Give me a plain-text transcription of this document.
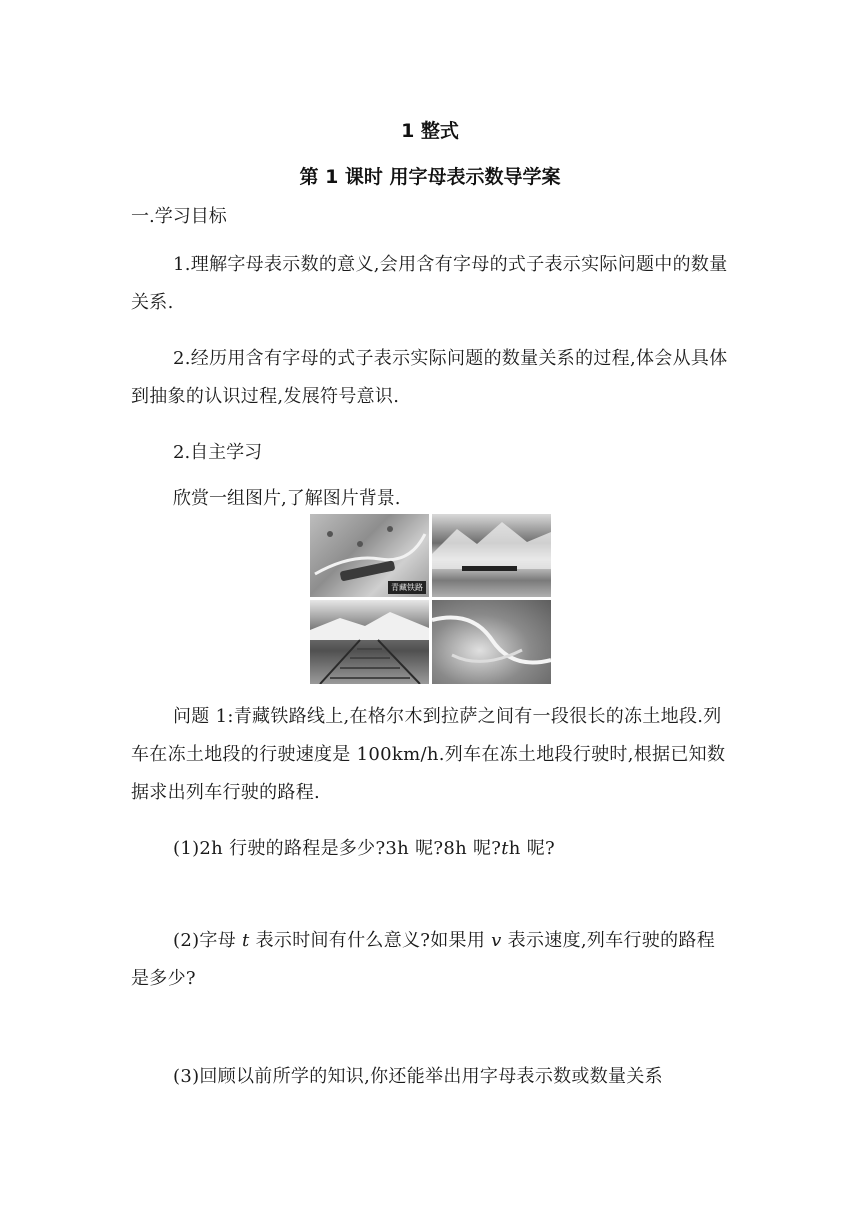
1 整式
第 1 课时 用字母表示数导学案
一.学习目标

1.理解字母表示数的意义,会用含有字母的式子表示实际问题中的数量关系.

2.经历用含有字母的式子表示实际问题的数量关系的过程,体会从具体到抽象的认识过程,发展符号意识.

2.自主学习
欣赏一组图片,了解图片背景.
青藏铁路

问题 1:青藏铁路线上,在格尔木到拉萨之间有一段很长的冻土地段.列车在冻土地段的行驶速度是 100km/h.列车在冻土地段行驶时,根据已知数据求出列车行驶的路程.

(1)2h 行驶的路程是多少?3h 呢?8h 呢?th 呢?

(2)字母 t 表示时间有什么意义?如果用 v 表示速度,列车行驶的路程是多少?

(3)回顾以前所学的知识,你还能举出用字母表示数或数量关系
